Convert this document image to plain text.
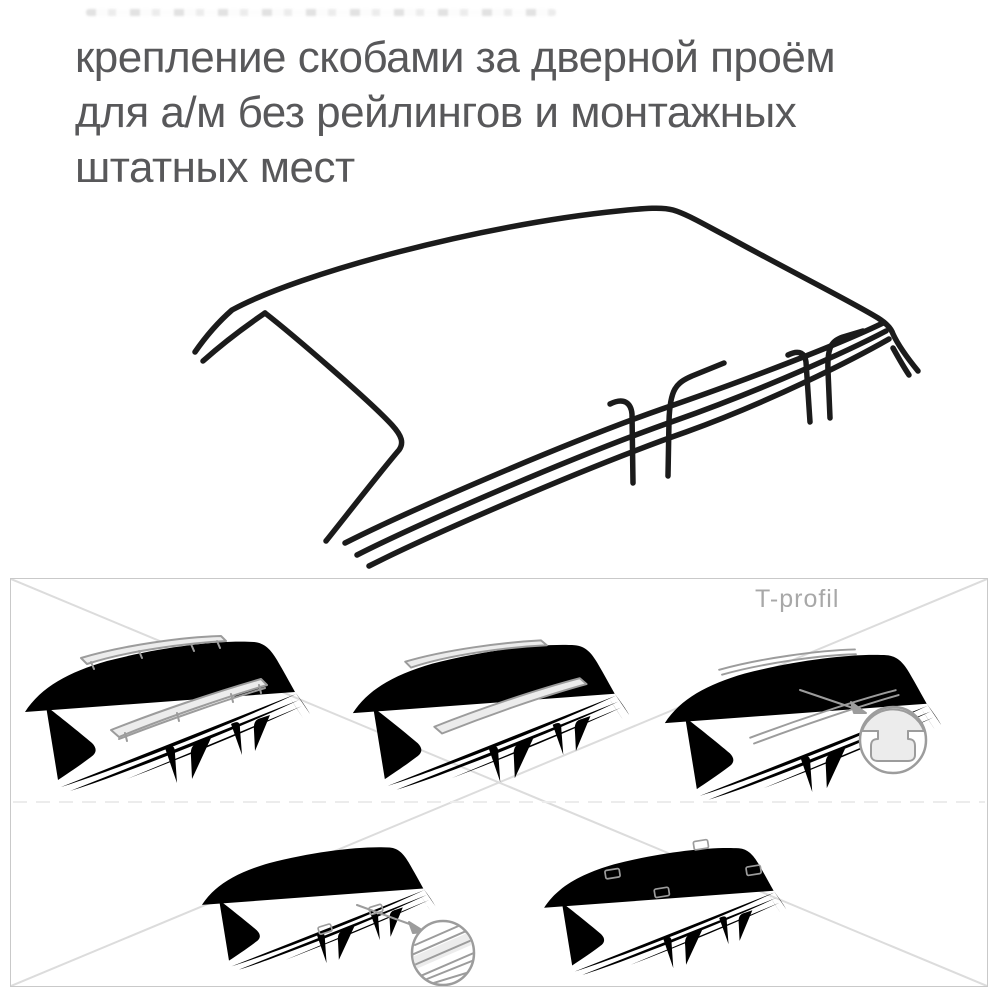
крепление скобами за дверной проём
для а/м без рейлингов и монтажных
штатных мест
T-profil
